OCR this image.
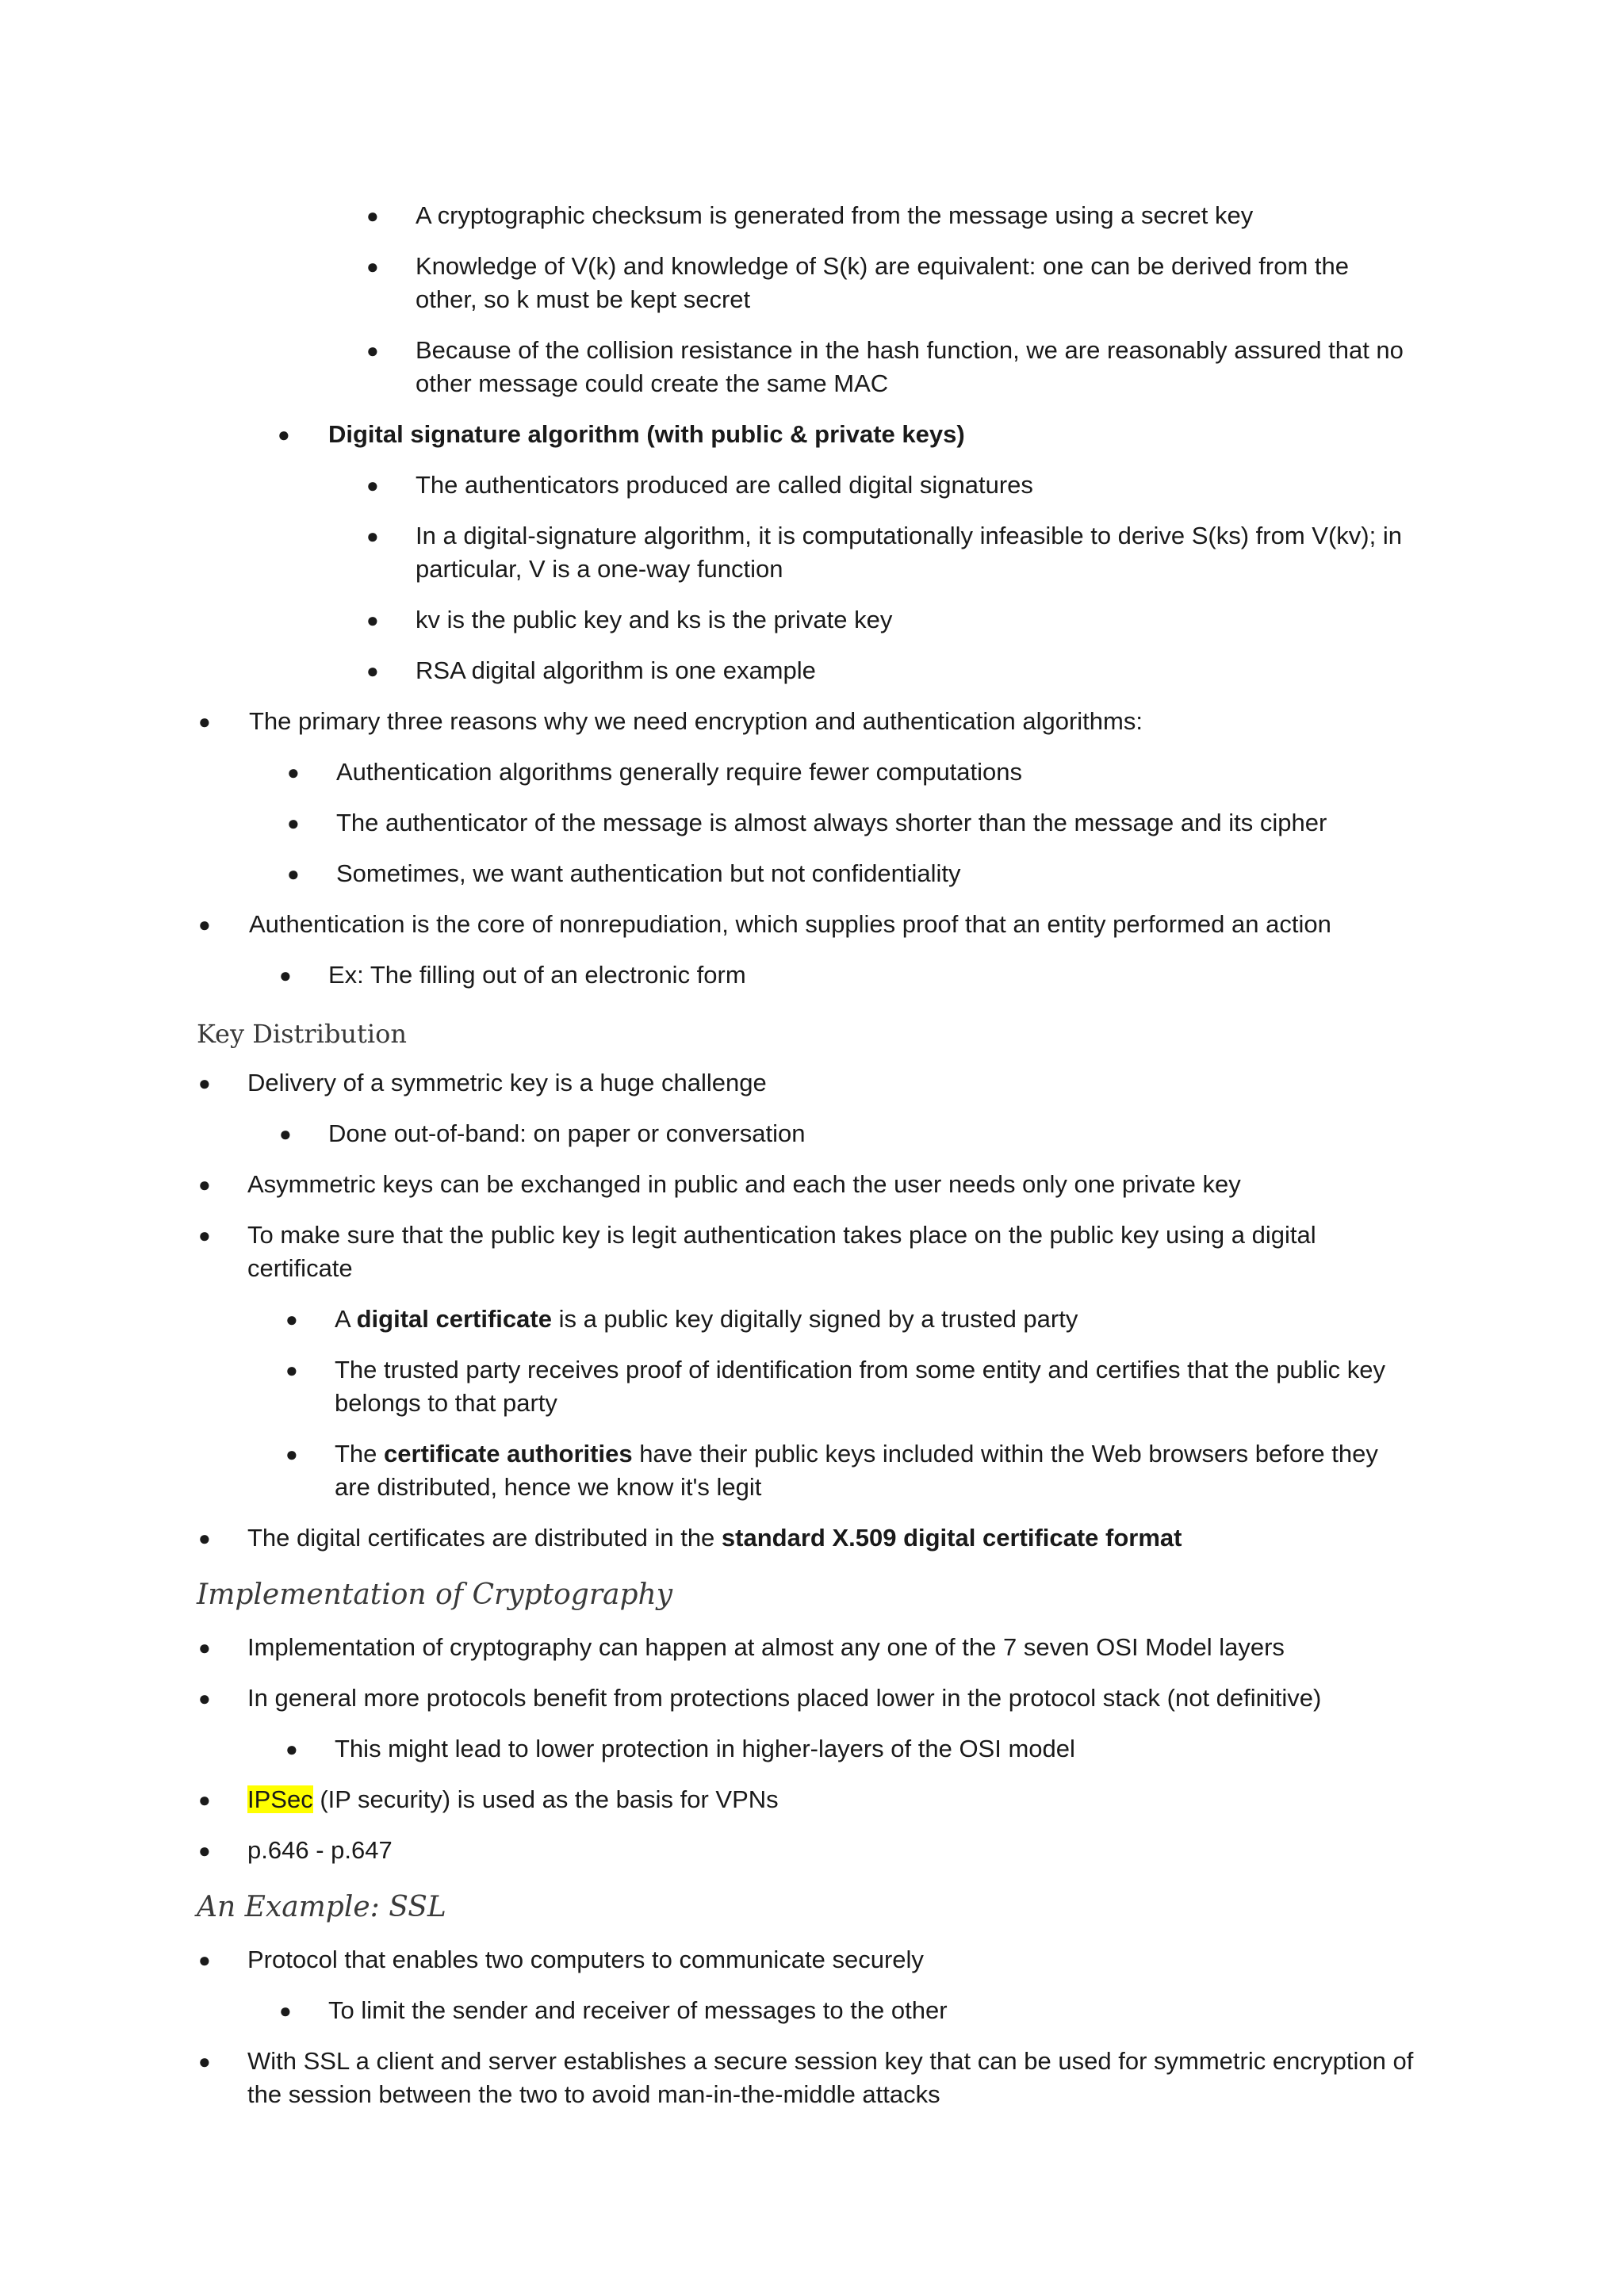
● A cryptographic checksum is generated from the message using a secret key
● Knowledge of V(k) and knowledge of S(k) are equivalent: one can be derived from the
other, so k must be kept secret
● Because of the collision resistance in the hash function, we are reasonably assured that no
other message could create the same MAC
● Digital signature algorithm (with public & private keys)
● The authenticators produced are called digital signatures
● In a digital-signature algorithm, it is computationally infeasible to derive S(ks) from V(kv); in
particular, V is a one-way function
● kv is the public key and ks is the private key
● RSA digital algorithm is one example
● The primary three reasons why we need encryption and authentication algorithms:
● Authentication algorithms generally require fewer computations
● The authenticator of the message is almost always shorter than the message and its cipher
● Sometimes, we want authentication but not confidentiality
● Authentication is the core of nonrepudiation, which supplies proof that an entity performed an action
● Ex: The filling out of an electronic form
Key Distribution
● Delivery of a symmetric key is a huge challenge
● Done out-of-band: on paper or conversation
● Asymmetric keys can be exchanged in public and each the user needs only one private key
● To make sure that the public key is legit authentication takes place on the public key using a digital
certificate
● A digital certificate is a public key digitally signed by a trusted party
● The trusted party receives proof of identification from some entity and certifies that the public key
belongs to that party
● The certificate authorities have their public keys included within the Web browsers before they
are distributed, hence we know it's legit
● The digital certificates are distributed in the standard X.509 digital certificate format
Implementation of Cryptography
● Implementation of cryptography can happen at almost any one of the 7 seven OSI Model layers
● In general more protocols benefit from protections placed lower in the protocol stack (not definitive)
● This might lead to lower protection in higher-layers of the OSI model
● IPSec (IP security) is used as the basis for VPNs
● p.646 - p.647
An Example: SSL
● Protocol that enables two computers to communicate securely
● To limit the sender and receiver of messages to the other
● With SSL a client and server establishes a secure session key that can be used for symmetric encryption of
the session between the two to avoid man-in-the-middle attacks
